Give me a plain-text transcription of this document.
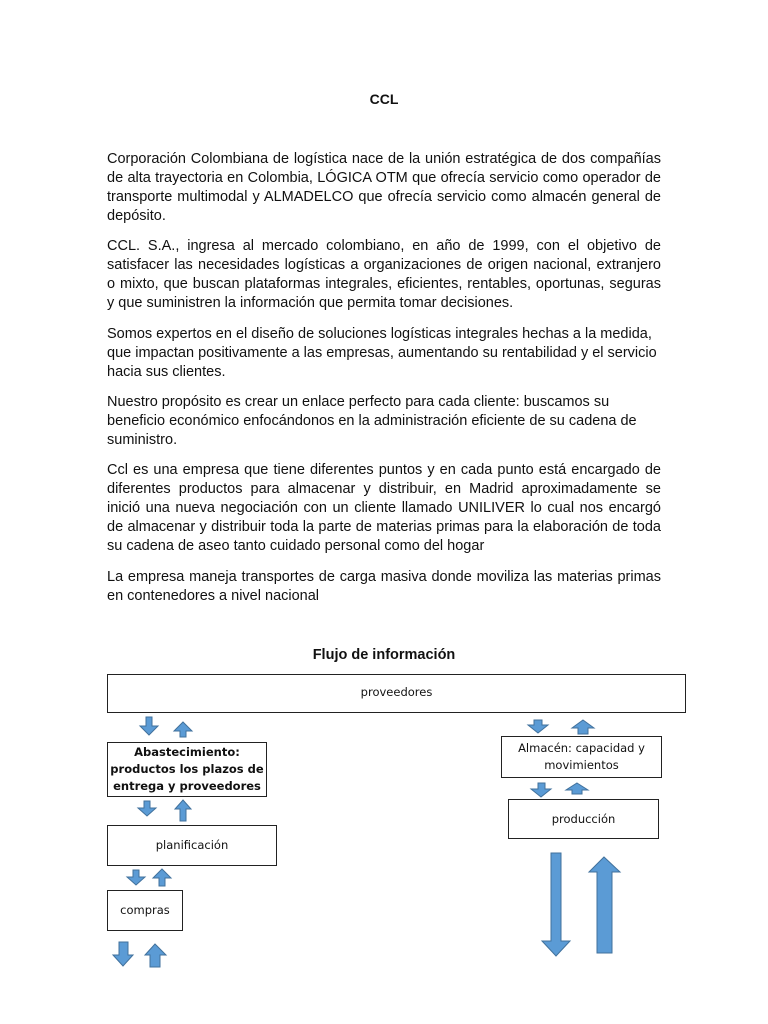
CCL

Corporación Colombiana de logística nace de la unión estratégica de dos compañías de alta trayectoria en Colombia, LÓGICA OTM que ofrecía servicio como operador de transporte multimodal y ALMADELCO que ofrecía servicio como almacén general de depósito.

CCL. S.A., ingresa al mercado colombiano, en año de 1999, con el objetivo de satisfacer las necesidades logísticas a organizaciones de origen nacional, extranjero o mixto, que buscan plataformas integrales, eficientes, rentables, oportunas, seguras y que suministren la información que permita tomar decisiones.

Somos expertos en el diseño de soluciones logísticas integrales hechas a la medida, que impactan positivamente a las empresas, aumentando su rentabilidad y el servicio hacia sus clientes.

Nuestro propósito es crear un enlace perfecto para cada cliente: buscamos su beneficio económico enfocándonos en la administración eficiente de su cadena de suministro.

Ccl es una empresa que tiene diferentes puntos y en cada punto está encargado de diferentes productos para almacenar y distribuir, en Madrid aproximadamente se inició una nueva negociación con un cliente llamado UNILIVER lo cual nos encargó de almacenar y distribuir toda la parte de materias primas para la elaboración de toda su cadena de aseo tanto cuidado personal como del hogar

La empresa maneja transportes de carga masiva donde moviliza las materias primas en contenedores a nivel nacional

Flujo de información
proveedores
Abastecimiento: productos los plazos de entrega y proveedores
planificación
compras
Almacén: capacidad y movimientos
producción
